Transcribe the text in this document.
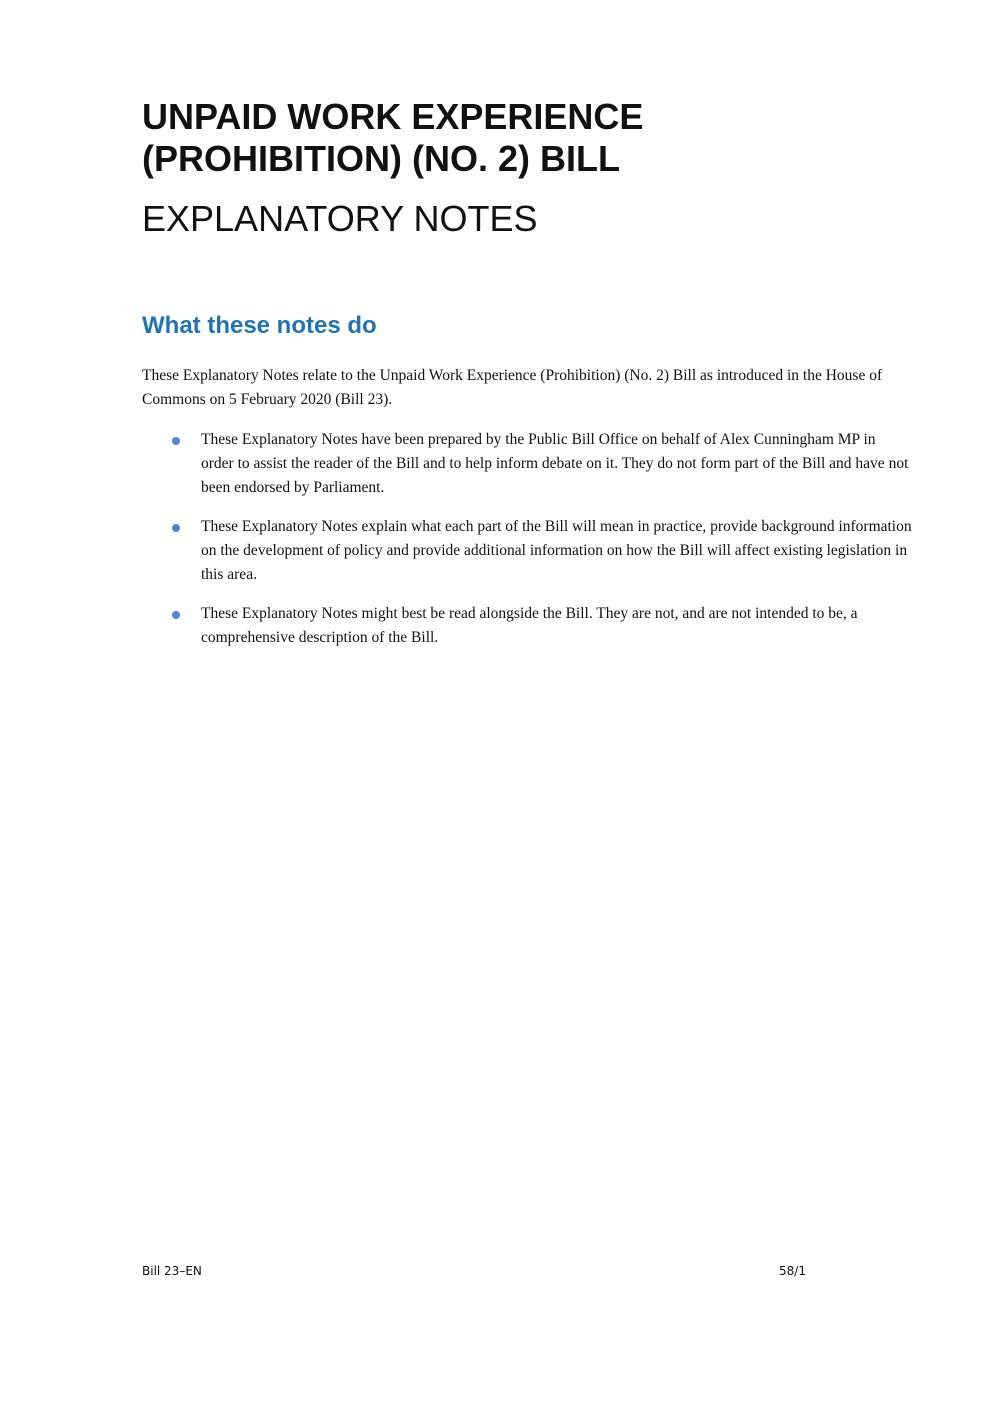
UNPAID WORK EXPERIENCE
(PROHIBITION) (NO. 2) BILL
EXPLANATORY NOTES
What these notes do

These Explanatory Notes relate to the Unpaid Work Experience (Prohibition) (No. 2) Bill as introduced in the House of Commons on 5 February 2020 (Bill 23).

These Explanatory Notes have been prepared by the Public Bill Office on behalf of Alex Cunningham MP in order to assist the reader of the Bill and to help inform debate on it. They do not form part of the Bill and have not been endorsed by Parliament.
These Explanatory Notes explain what each part of the Bill will mean in practice, provide background information on the development of policy and provide additional information on how the Bill will affect existing legislation in this area.
These Explanatory Notes might best be read alongside the Bill. They are not, and are not intended to be, a comprehensive description of the Bill.
Bill 23–EN	58/1
